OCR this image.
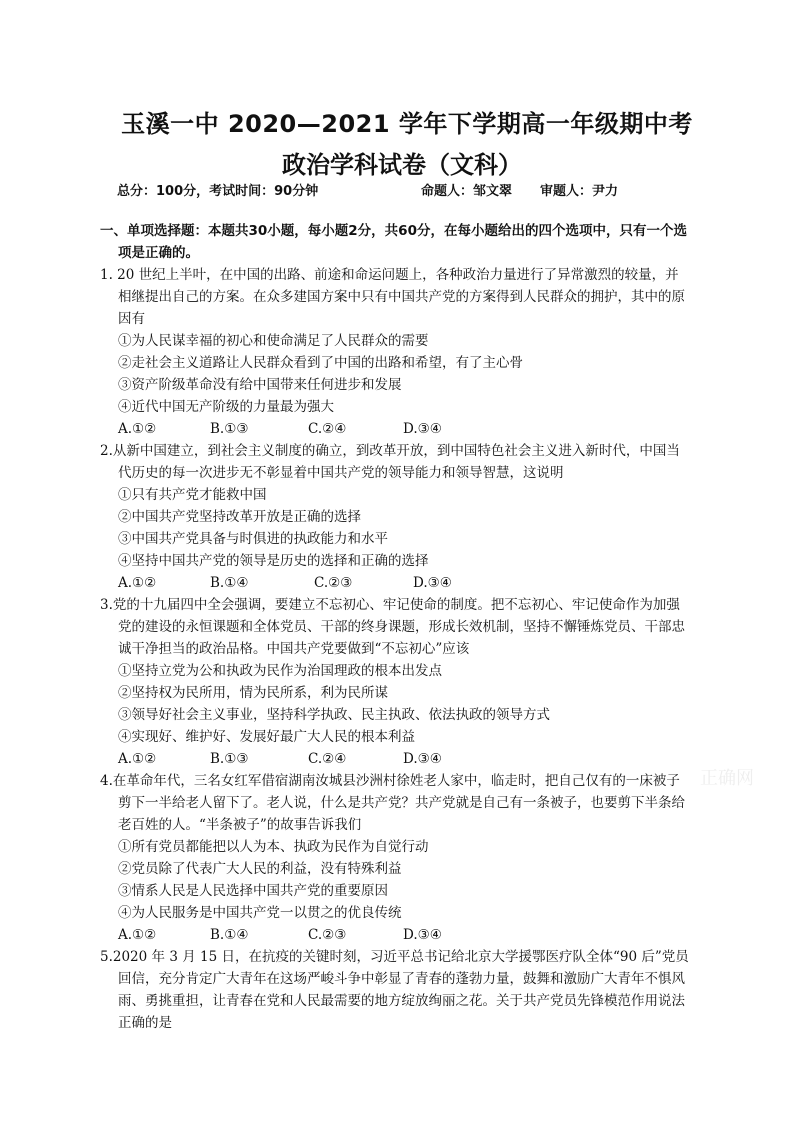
玉溪一中 2020—2021 学年下学期高一年级期中考
政治学科试卷（文科）
总分：100分，考试时间：90分钟	命题人：邹文翠 审题人：尹力
一、单项选择题：本题共30小题，每小题2分，共60分，在每小题给出的四个选项中，只有一个选项是正确的。
1. 20 世纪上半叶，在中国的出路、前途和命运问题上，各种政治力量进行了异常激烈的较量，并相继提出自己的方案。在众多建国方案中只有中国共产党的方案得到人民群众的拥护，其中的原因有
①为人民谋幸福的初心和使命满足了人民群众的需要
②走社会主义道路让人民群众看到了中国的出路和希望，有了主心骨
③资产阶级革命没有给中国带来任何进步和发展
④近代中国无产阶级的力量最为强大
A.①②	B.①③	C.②④	D.③④
2.从新中国建立，到社会主义制度的确立，到改革开放，到中国特色社会主义进入新时代，中国当代历史的每一次进步无不彰显着中国共产党的领导能力和领导智慧，这说明
①只有共产党才能救中国
②中国共产党坚持改革开放是正确的选择
③中国共产党具备与时俱进的执政能力和水平
④坚持中国共产党的领导是历史的选择和正确的选择
A.①②	B.①④	C.②③	D.③④
3.党的十九届四中全会强调，要建立不忘初心、牢记使命的制度。把不忘初心、牢记使命作为加强党的建设的永恒课题和全体党员、干部的终身课题，形成长效机制，坚持不懈锤炼党员、干部忠诚干净担当的政治品格。中国共产党要做到“不忘初心”应该
①坚持立党为公和执政为民作为治国理政的根本出发点
②坚持权为民所用，情为民所系，利为民所谋
③领导好社会主义事业，坚持科学执政、民主执政、依法执政的领导方式
④实现好、维护好、发展好最广大人民的根本利益
A.①②	B.①③	C.②④	D.③④
4.在革命年代，三名女红军借宿湖南汝城县沙洲村徐姓老人家中，临走时，把自己仅有的一床被子剪下一半给老人留下了。老人说，什么是共产党？共产党就是自己有一条被子，也要剪下半条给老百姓的人。“半条被子”的故事告诉我们
①所有党员都能把以人为本、执政为民作为自觉行动
②党员除了代表广大人民的利益，没有特殊利益
③情系人民是人民选择中国共产党的重要原因
④为人民服务是中国共产党一以贯之的优良传统
A.①②	B.①④	C.②③	D.③④
5.2020 年 3 月 15 日，在抗疫的关键时刻，习近平总书记给北京大学援鄂医疗队全体“90 后”党员回信，充分肯定广大青年在这场严峻斗争中彰显了青春的蓬勃力量，鼓舞和激励广大青年不惧风雨、勇挑重担，让青春在党和人民最需要的地方绽放绚丽之花。关于共产党员先锋模范作用说法正确的是
正确网
